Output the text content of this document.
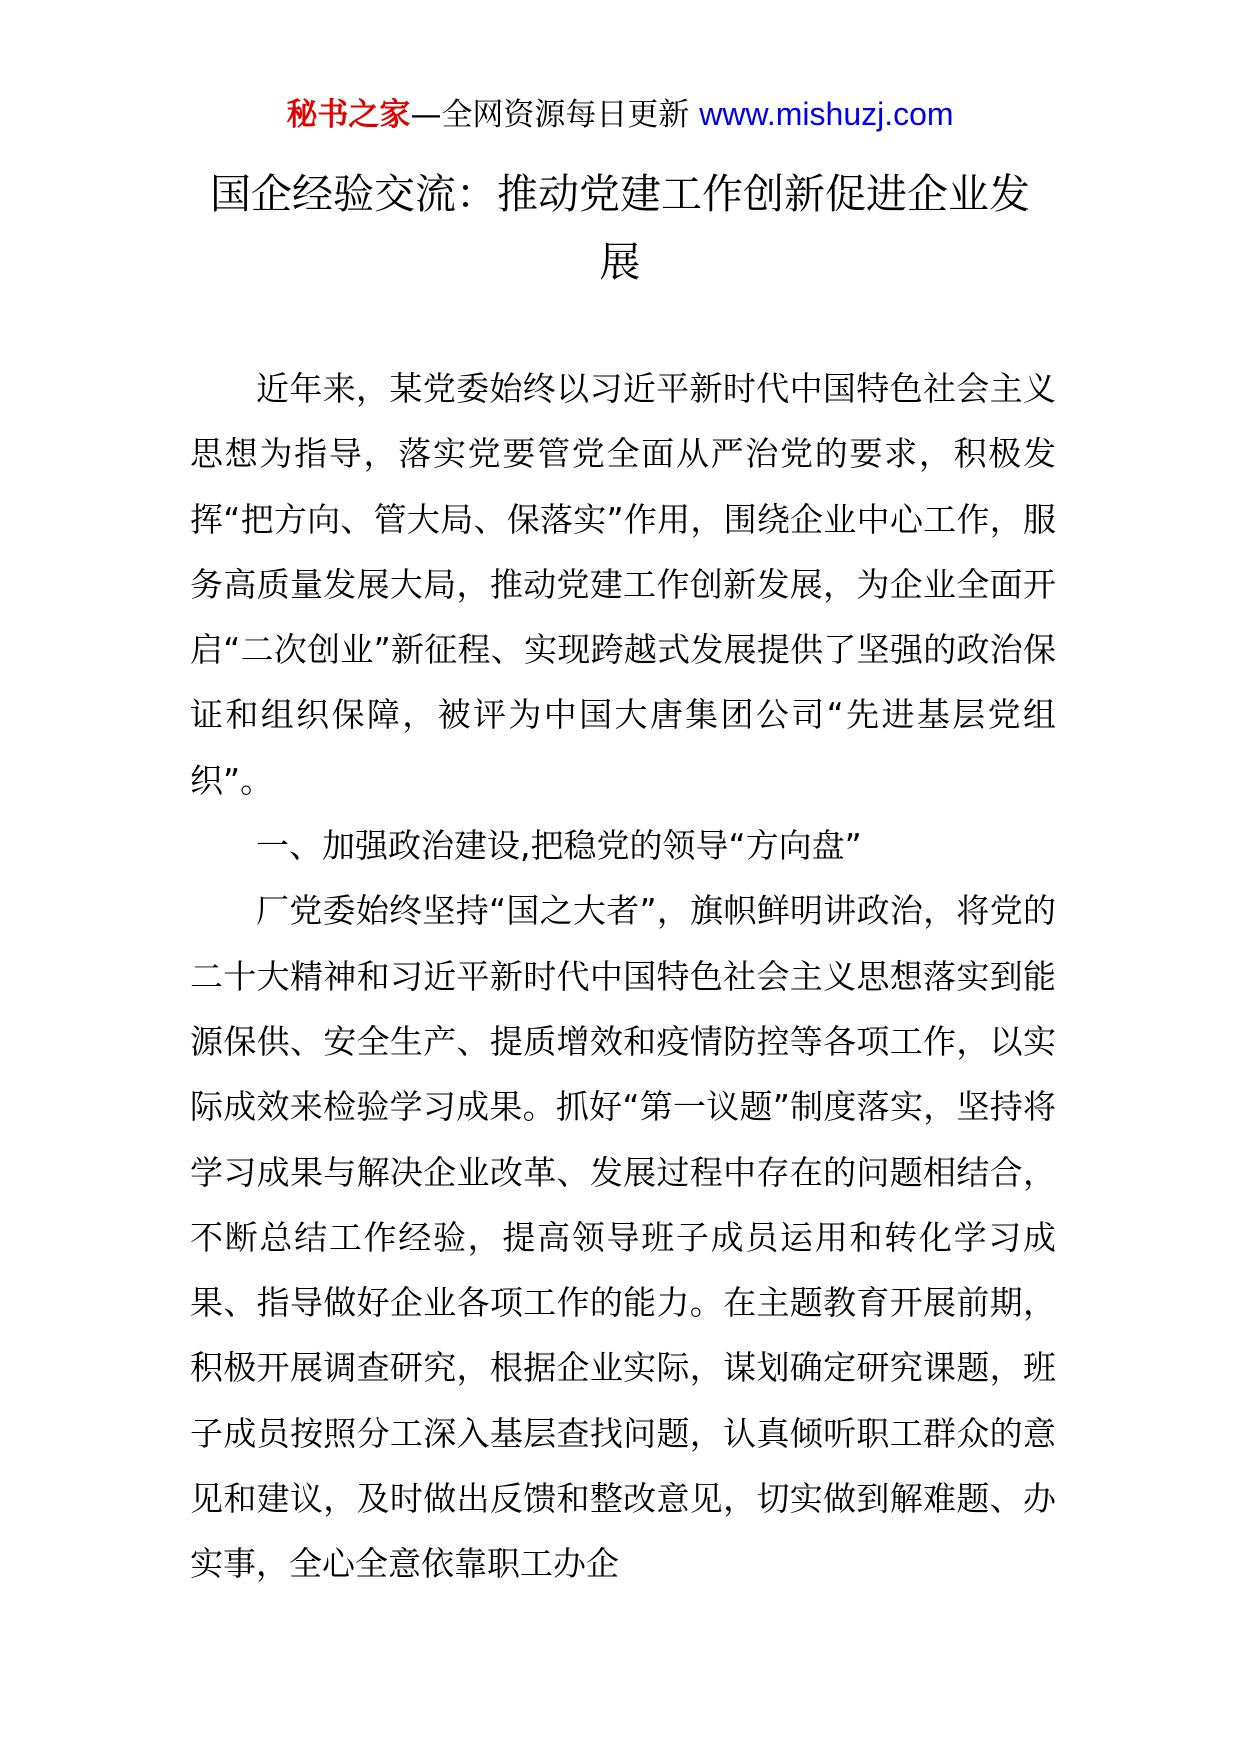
秘书之家—全网资源每日更新 www.mishuzj.com
国企经验交流：推动党建工作创新促进企业发展

近年来，某党委始终以习近平新时代中国特色社会主义思想为指导，落实党要管党全面从严治党的要求，积极发挥“把方向、管大局、保落实”作用，围绕企业中心工作，服务高质量发展大局，推动党建工作创新发展，为企业全面开启“二次创业”新征程、实现跨越式发展提供了坚强的政治保证和组织保障，被评为中国大唐集团公司“先进基层党组织”。

一、加强政治建设,把稳党的领导“方向盘”

厂党委始终坚持“国之大者”，旗帜鲜明讲政治，将党的二十大精神和习近平新时代中国特色社会主义思想落实到能源保供、安全生产、提质增效和疫情防控等各项工作，以实际成效来检验学习成果。抓好“第一议题”制度落实，坚持将学习成果与解决企业改革、发展过程中存在的问题相结合，不断总结工作经验，提高领导班子成员运用和转化学习成果、指导做好企业各项工作的能力。在主题教育开展前期，积极开展调查研究，根据企业实际，谋划确定研究课题，班子成员按照分工深入基层查找问题，认真倾听职工群众的意见和建议，及时做出反馈和整改意见，切实做到解难题、办实事，全心全意依靠职工办企
